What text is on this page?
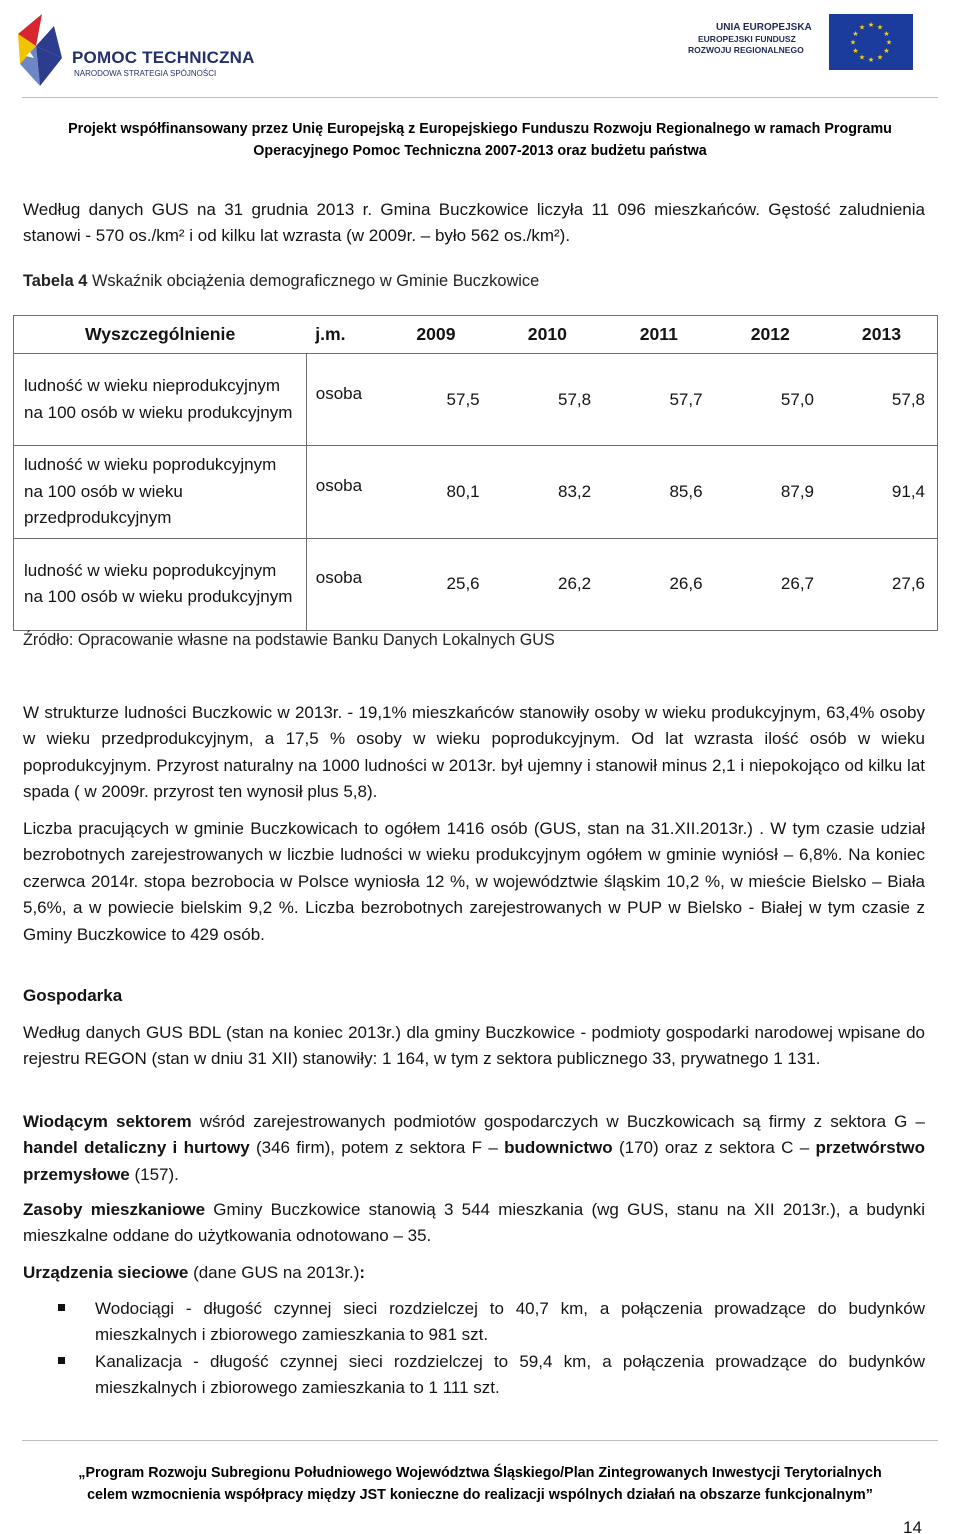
POMOC TECHNICZNA
NARODOWA STRATEGIA SPÓJNOŚCI
UNIA EUROPEJSKA
EUROPEJSKI FUNDUSZ
ROZWOJU REGIONALNEGO
★ ★
★
★
★
★
★
★
★
★
★
★
Projekt współfinansowany przez Unię Europejską z Europejskiego Funduszu Rozwoju Regionalnego w ramach Programu
Operacyjnego Pomoc Techniczna 2007-2013 oraz budżetu państwa

Według danych GUS na 31 grudnia 2013 r. Gmina Buczkowice liczyła 11 096 mieszkańców. Gęstość zaludnienia stanowi - 570 os./km² i od kilku lat wzrasta (w 2009r. – było 562 os./km²).

Tabela 4 Wskaźnik obciążenia demograficznego w Gminie Buczkowice
Wyszczególnienie	j.m.	2009	2010	2011	2012	2013
ludność w wieku nieprodukcyjnym na 100 osób w wieku produkcyjnym	osoba	57,5	57,8	57,7	57,0	57,8
ludność w wieku poprodukcyjnym na 100 osób w wieku przedprodukcyjnym	osoba	80,1	83,2	85,6	87,9	91,4
ludność w wieku poprodukcyjnym na 100 osób w wieku produkcyjnym	osoba	25,6	26,2	26,6	26,7	27,6
Źródło: Opracowanie własne na podstawie Banku Danych Lokalnych GUS

W strukturze ludności Buczkowic w 2013r. - 19,1% mieszkańców stanowiły osoby w wieku produkcyjnym, 63,4% osoby w wieku przedprodukcyjnym, a 17,5 % osoby w wieku poprodukcyjnym. Od lat wzrasta ilość osób w wieku poprodukcyjnym. Przyrost naturalny na 1000 ludności w 2013r. był ujemny i stanowił minus 2,1 i niepokojąco od kilku lat spada ( w 2009r. przyrost ten wynosił plus 5,8).

Liczba pracujących w gminie Buczkowicach to ogółem 1416 osób (GUS, stan na 31.XII.2013r.) . W tym czasie udział bezrobotnych zarejestrowanych w liczbie ludności w wieku produkcyjnym ogółem w gminie wyniósł – 6,8%. Na koniec czerwca 2014r. stopa bezrobocia w Polsce wyniosła 12 %, w województwie śląskim 10,2 %, w mieście Bielsko – Biała 5,6%, a w powiecie bielskim 9,2 %. Liczba bezrobotnych zarejestrowanych w PUP w Bielsko - Białej w tym czasie z Gminy Buczkowice to 429 osób.

Gospodarka

Według danych GUS BDL (stan na koniec 2013r.) dla gminy Buczkowice - podmioty gospodarki narodowej wpisane do rejestru REGON (stan w dniu 31 XII) stanowiły: 1 164, w tym z sektora publicznego 33, prywatnego 1 131.

Wiodącym sektorem wśród zarejestrowanych podmiotów gospodarczych w Buczkowicach są firmy z sektora G – handel detaliczny i hurtowy (346 firm), potem z sektora F – budownictwo (170) oraz z sektora C – przetwórstwo przemysłowe (157).

Zasoby mieszkaniowe Gminy Buczkowice stanowią 3 544 mieszkania (wg GUS, stanu na XII 2013r.), a budynki mieszkalne oddane do użytkowania odnotowano – 35.

Urządzenia sieciowe (dane GUS na 2013r.):

Wodociągi - długość czynnej sieci rozdzielczej to 40,7 km, a połączenia prowadzące do budynków mieszkalnych i zbiorowego zamieszkania to 981 szt.

Kanalizacja - długość czynnej sieci rozdzielczej to 59,4 km, a połączenia prowadzące do budynków mieszkalnych i zbiorowego zamieszkania to 1 111 szt.

„Program Rozwoju Subregionu Południowego Województwa Śląskiego/Plan Zintegrowanych Inwestycji Terytorialnych
celem wzmocnienia współpracy między JST konieczne do realizacji wspólnych działań na obszarze funkcjonalnym”
14
